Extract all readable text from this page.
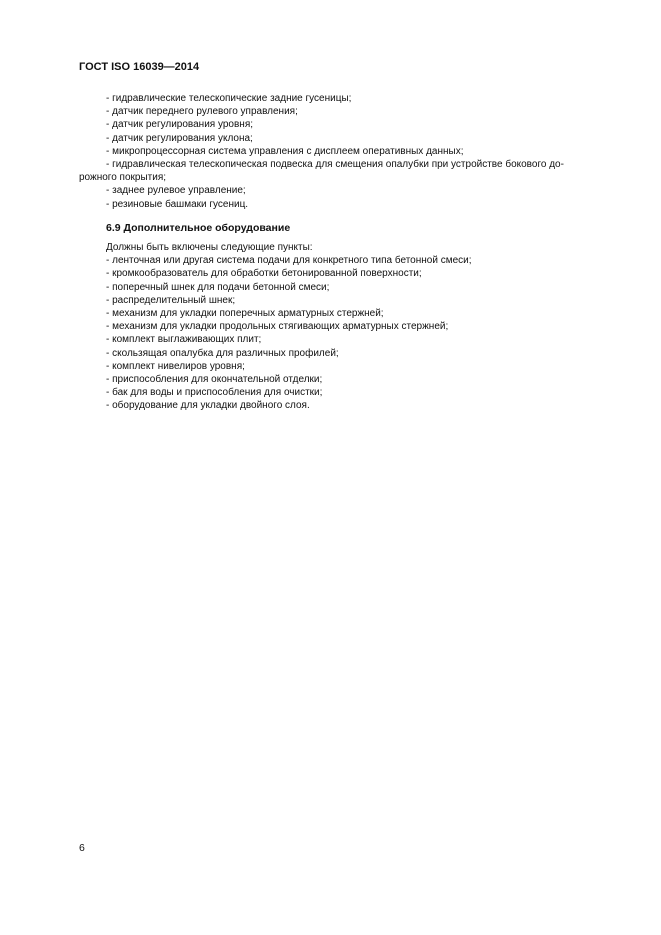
ГОСТ ISO 16039—2014

- гидравлические телескопические задние гусеницы;

- датчик переднего рулевого управления;

- датчик регулирования уровня;

- датчик регулирования уклона;

- микропроцессорная система управления с дисплеем оперативных данных;

- гидравлическая телескопическая подвеска для смещения опалубки при устройстве бокового до-

рожного покрытия;

- заднее рулевое управление;

- резиновые башмаки гусениц.

6.9 Дополнительное оборудование

Должны быть включены следующие пункты:

- ленточная или другая система подачи для конкретного типа бетонной смеси;

- кромкообразователь для обработки бетонированной поверхности;

- поперечный шнек для подачи бетонной смеси;

- распределительный шнек;

- механизм для укладки поперечных арматурных стержней;

- механизм для укладки продольных стягивающих арматурных стержней;

- комплект выглаживающих плит;

- скользящая опалубка для различных профилей;

- комплект нивелиров уровня;

- приспособления для окончательной отделки;

- бак для воды и приспособления для очистки;

- оборудование для укладки двойного слоя.

6
